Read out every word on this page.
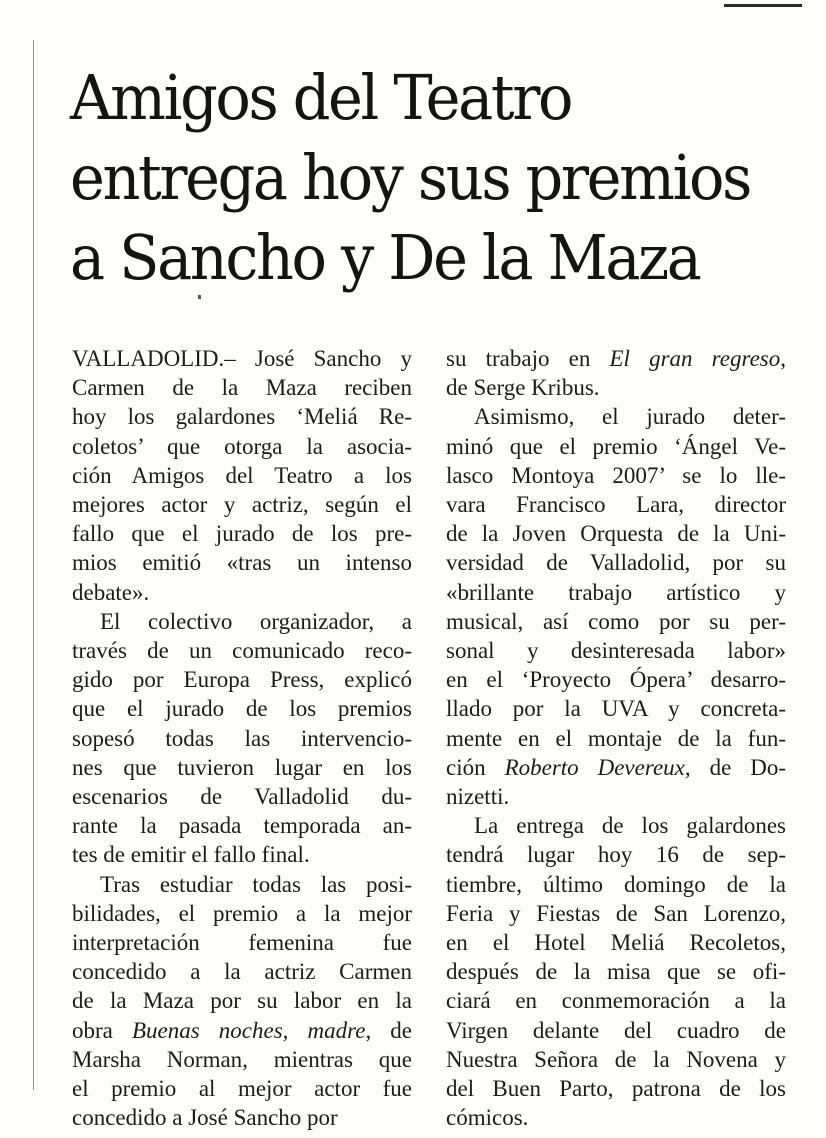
Amigos del Teatro
entrega hoy sus premios
a Sancho y De la Maza

VALLADOLID.– José Sancho y
Carmen de la Maza reciben
hoy los galardones ‘Meliá Re-
coletos’ que otorga la asocia-
ción Amigos del Teatro a los
mejores actor y actriz, según el
fallo que el jurado de los pre-
mios emitió «tras un intenso
debate».

El colectivo organizador, a
través de un comunicado reco-
gido por Europa Press, explicó
que el jurado de los premios
sopesó todas las intervencio-
nes que tuvieron lugar en los
escenarios de Valladolid du-
rante la pasada temporada an-
tes de emitir el fallo final.

Tras estudiar todas las posi-
bilidades, el premio a la mejor
interpretación femenina fue
concedido a la actriz Carmen
de la Maza por su labor en la
obra Buenas noches, madre, de
Marsha Norman, mientras que
el premio al mejor actor fue
concedido a José Sancho por

su trabajo en El gran regreso,
de Serge Kribus.

Asimismo, el jurado deter-
minó que el premio ‘Ángel Ve-
lasco Montoya 2007’ se lo lle-
vara Francisco Lara, director
de la Joven Orquesta de la Uni-
versidad de Valladolid, por su
«brillante trabajo artístico y
musical, así como por su per-
sonal y desinteresada labor»
en el ‘Proyecto Ópera’ desarro-
llado por la UVA y concreta-
mente en el montaje de la fun-
ción Roberto Devereux, de Do-
nizetti.

La entrega de los galardones
tendrá lugar hoy 16 de sep-
tiembre, último domingo de la
Feria y Fiestas de San Lorenzo,
en el Hotel Meliá Recoletos,
después de la misa que se ofi-
ciará en conmemoración a la
Virgen delante del cuadro de
Nuestra Señora de la Novena y
del Buen Parto, patrona de los
cómicos.
